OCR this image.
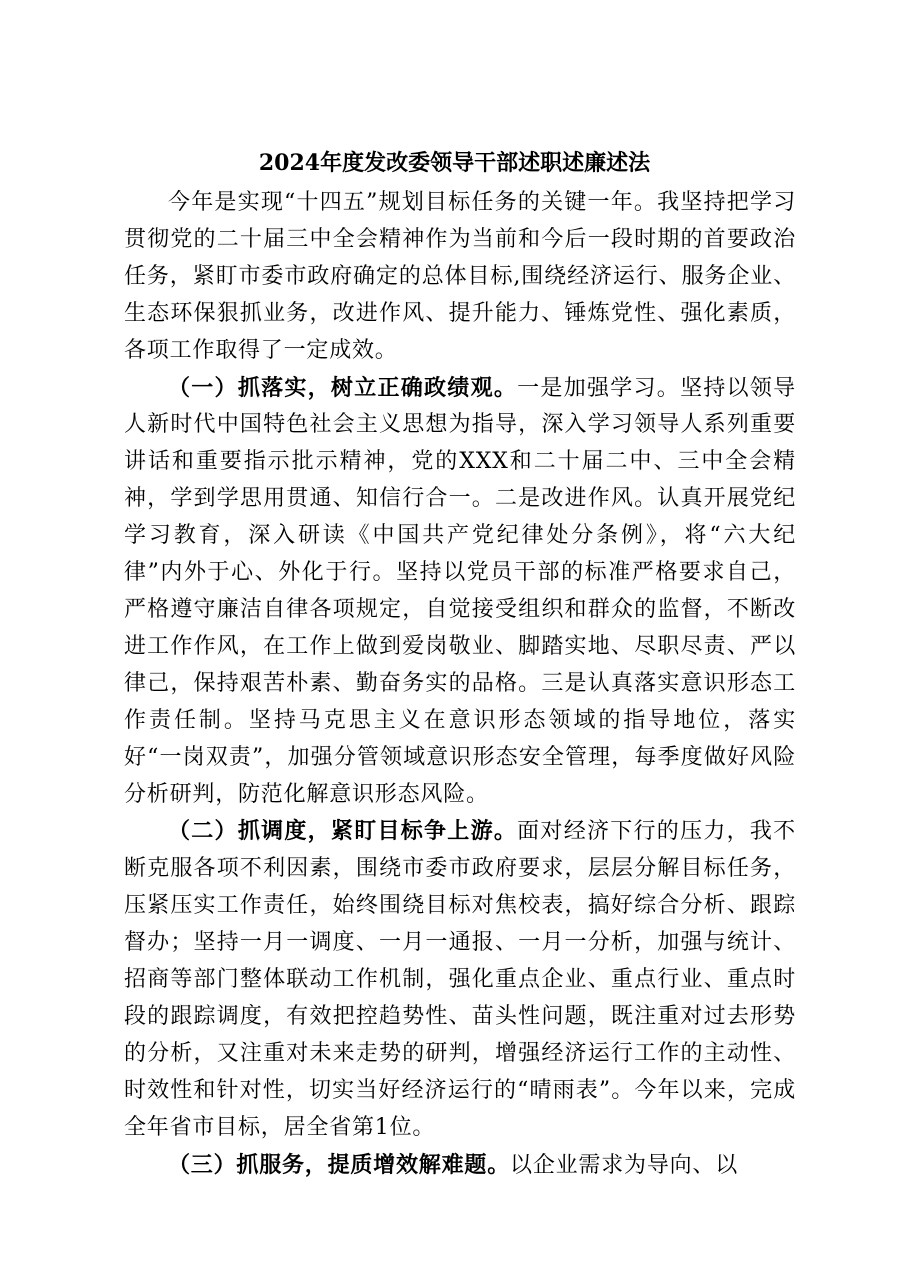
2024年度发改委领导干部述职述廉述法

今年是实现“十四五”规划目标任务的关键一年。我坚持把学习贯彻党的二十届三中全会精神作为当前和今后一段时期的首要政治任务，紧盯市委市政府确定的总体目标,围绕经济运行、服务企业、生态环保狠抓业务，改进作风、提升能力、锤炼党性、强化素质，各项工作取得了一定成效。

（一）抓落实，树立正确政绩观。一是加强学习。坚持以领导人新时代中国特色社会主义思想为指导，深入学习领导人系列重要讲话和重要指示批示精神，党的XXX和二十届二中、三中全会精神，学到学思用贯通、知信行合一。二是改进作风。认真开展党纪学习教育，深入研读《中国共产党纪律处分条例》，将“六大纪律”内外于心、外化于行。坚持以党员干部的标准严格要求自己，严格遵守廉洁自律各项规定，自觉接受组织和群众的监督，不断改进工作作风，在工作上做到爱岗敬业、脚踏实地、尽职尽责、严以律己，保持艰苦朴素、勤奋务实的品格。三是认真落实意识形态工作责任制。坚持马克思主义在意识形态领域的指导地位，落实好“一岗双责”，加强分管领域意识形态安全管理，每季度做好风险分析研判，防范化解意识形态风险。

（二）抓调度，紧盯目标争上游。面对经济下行的压力，我不断克服各项不利因素，围绕市委市政府要求，层层分解目标任务，压紧压实工作责任，始终围绕目标对焦校表，搞好综合分析、跟踪督办；坚持一月一调度、一月一通报、一月一分析，加强与统计、招商等部门整体联动工作机制，强化重点企业、重点行业、重点时段的跟踪调度，有效把控趋势性、苗头性问题，既注重对过去形势的分析，又注重对未来走势的研判，增强经济运行工作的主动性、时效性和针对性，切实当好经济运行的“晴雨表”。今年以来，完成全年省市目标，居全省第1位。

（三）抓服务，提质增效解难题。以企业需求为导向、以
